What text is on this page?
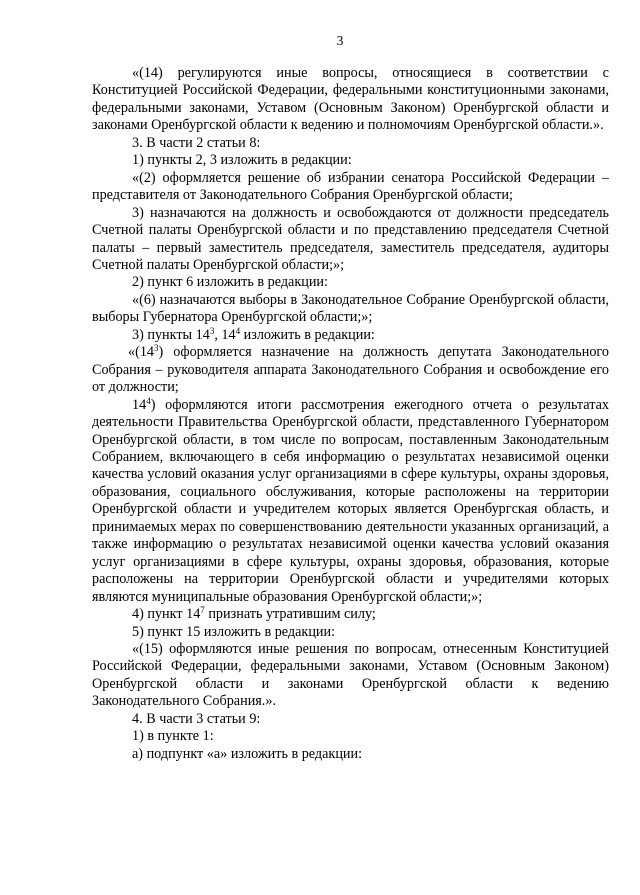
3

«(14) регулируются иные вопросы, относящиеся в соответствии с Конституцией Российской Федерации, федеральными конституционными законами, федеральными законами, Уставом (Основным Законом) Оренбургской области и законами Оренбургской области к ведению и полномочиям Оренбургской области.».

3. В части 2 статьи 8:

1) пункты 2, 3 изложить в редакции:

«(2) оформляется решение об избрании сенатора Российской Федерации – представителя от Законодательного Собрания Оренбургской области;

3) назначаются на должность и освобождаются от должности председатель Счетной палаты Оренбургской области и по представлению председателя Счетной палаты – первый заместитель председателя, заместитель председателя, аудиторы Счетной палаты Оренбургской области;»;

2) пункт 6 изложить в редакции:

«(6) назначаются выборы в Законодательное Собрание Оренбургской области, выборы Губернатора Оренбургской области;»;

3) пункты $14^3$, $14^4$ изложить в редакции:

«$(14^3)$ оформляется назначение на должность депутата Законодательного Собрания – руководителя аппарата Законодательного Собрания и освобождение его от должности;

$14^4$) оформляются итоги рассмотрения ежегодного отчета о результатах деятельности Правительства Оренбургской области, представленного Губернатором Оренбургской области, в том числе по вопросам, поставленным Законодательным Собранием, включающего в себя информацию о результатах независимой оценки качества условий оказания услуг организациями в сфере культуры, охраны здоровья, образования, социального обслуживания, которые расположены на территории Оренбургской области и учредителем которых является Оренбургская область, и принимаемых мерах по совершенствованию деятельности указанных организаций, а также информацию о результатах независимой оценки качества условий оказания услуг организациями в сфере культуры, охраны здоровья, образования, которые расположены на территории Оренбургской области и учредителями которых являются муниципальные образования Оренбургской области;»;

4) пункт $14^7$ признать утратившим силу;

5) пункт 15 изложить в редакции:

«(15) оформляются иные решения по вопросам, отнесенным Конституцией Российской Федерации, федеральными законами, Уставом (Основным Законом) Оренбургской области и законами Оренбургской области к ведению Законодательного Собрания.».

4. В части 3 статьи 9:

1) в пункте 1:

а) подпункт «а» изложить в редакции:
